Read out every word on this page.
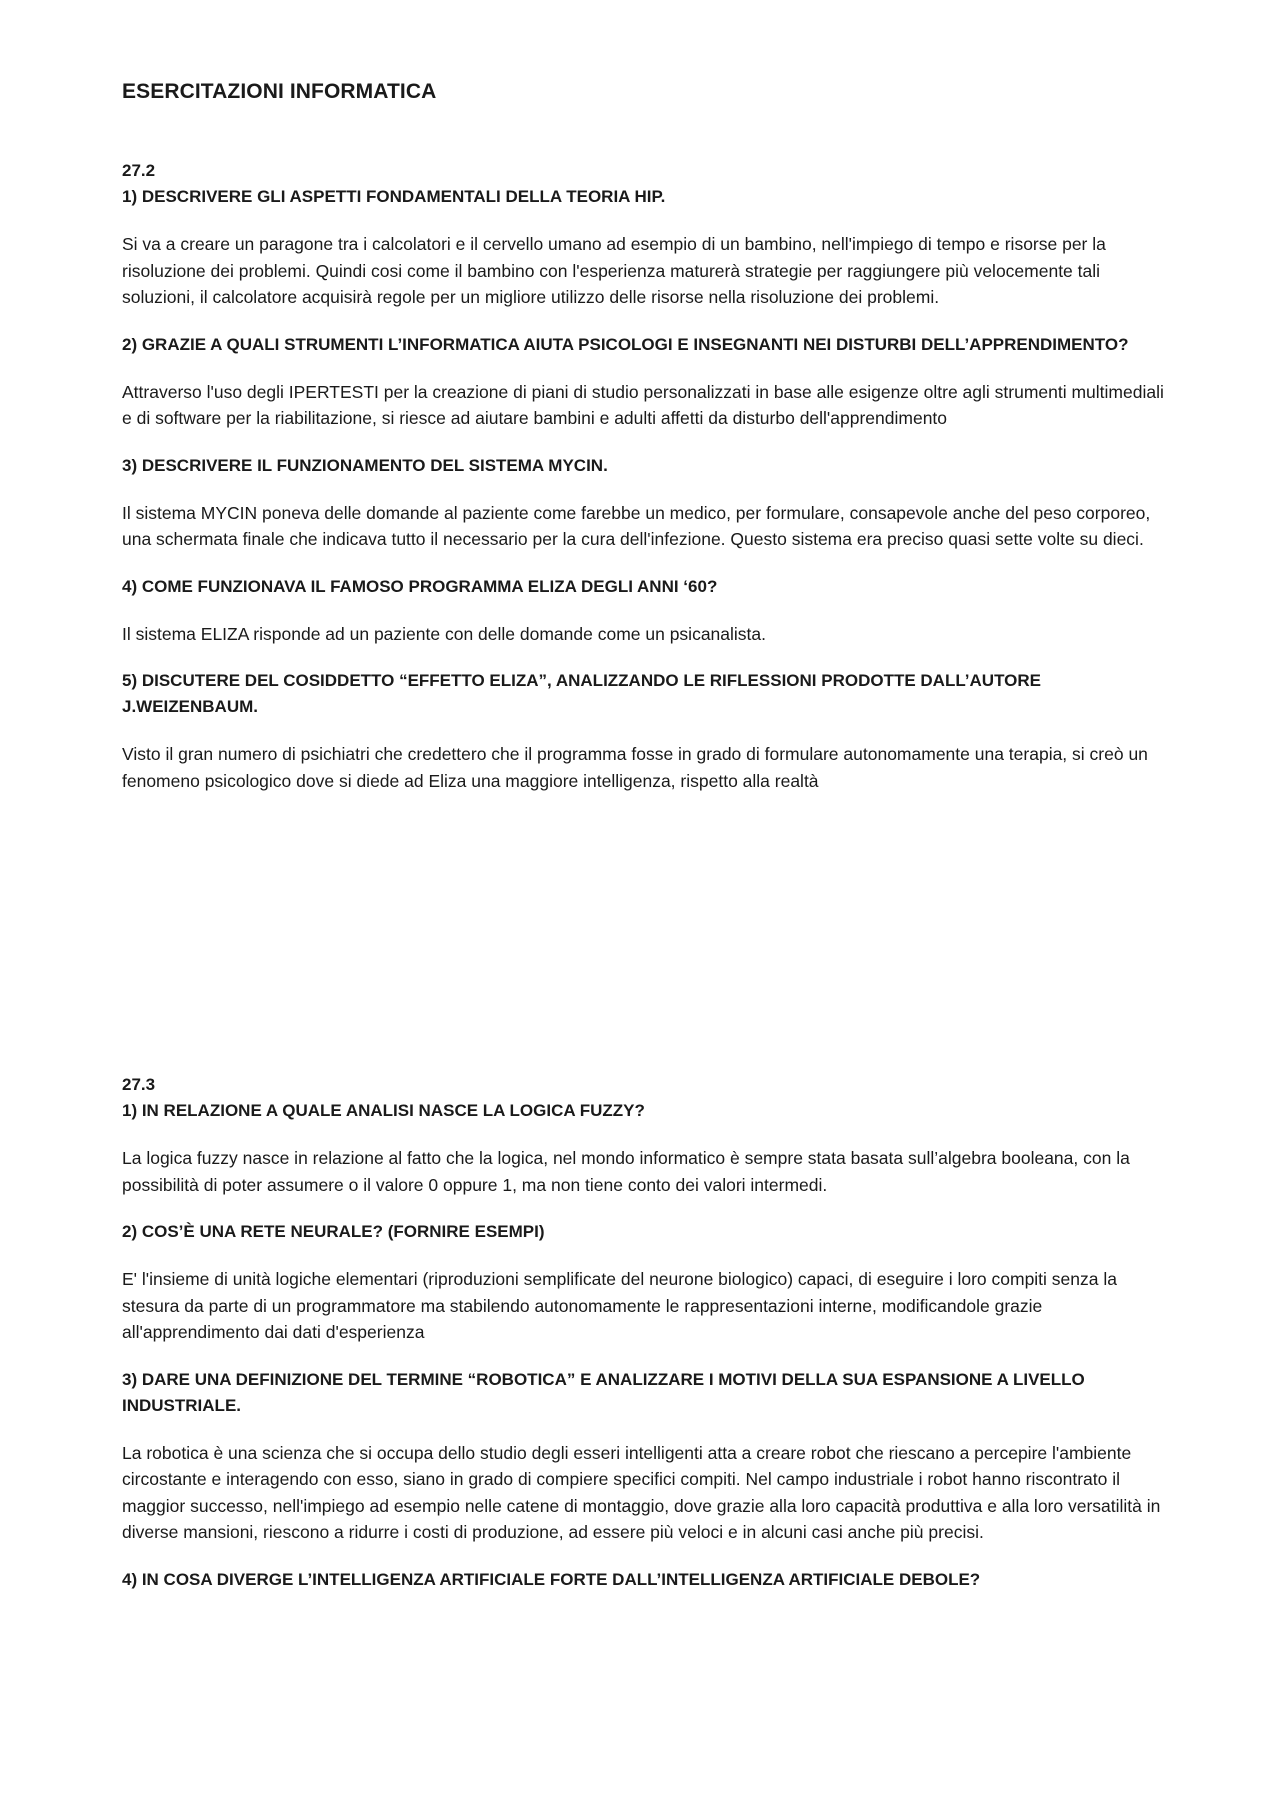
ESERCITAZIONI INFORMATICA

27.2

1) DESCRIVERE GLI ASPETTI FONDAMENTALI DELLA TEORIA HIP.

Si va a creare un paragone tra i calcolatori e il cervello umano ad esempio di un bambino, nell'impiego di tempo e risorse per la risoluzione dei problemi. Quindi cosi come il bambino con l'esperienza maturerà strategie per raggiungere più velocemente tali soluzioni, il calcolatore acquisirà regole per un migliore utilizzo delle risorse nella risoluzione dei problemi.

2) GRAZIE A QUALI STRUMENTI L’INFORMATICA AIUTA PSICOLOGI E INSEGNANTI NEI DISTURBI DELL’APPRENDIMENTO?

Attraverso l'uso degli IPERTESTI per la creazione di piani di studio personalizzati in base alle esigenze oltre agli strumenti multimediali e di software per la riabilitazione, si riesce ad aiutare bambini e adulti affetti da disturbo dell'apprendimento

3) DESCRIVERE IL FUNZIONAMENTO DEL SISTEMA MYCIN.

Il sistema MYCIN poneva delle domande al paziente come farebbe un medico, per formulare, consapevole anche del peso corporeo, una schermata finale che indicava tutto il necessario per la cura dell'infezione. Questo sistema era preciso quasi sette volte su dieci.

4) COME FUNZIONAVA IL FAMOSO PROGRAMMA ELIZA DEGLI ANNI ‘60?

Il sistema ELIZA risponde ad un paziente con delle domande come un psicanalista.

5) DISCUTERE DEL COSIDDETTO “EFFETTO ELIZA”, ANALIZZANDO LE RIFLESSIONI PRODOTTE DALL’AUTORE J.WEIZENBAUM.

Visto il gran numero di psichiatri che credettero che il programma fosse in grado di formulare autonomamente una terapia, si creò un fenomeno psicologico dove si diede ad Eliza una maggiore intelligenza, rispetto alla realtà

27.3

1) IN RELAZIONE A QUALE ANALISI NASCE LA LOGICA FUZZY?

La logica fuzzy nasce in relazione al fatto che la logica, nel mondo informatico è sempre stata basata sull’algebra booleana, con la possibilità di poter assumere o il valore 0 oppure 1, ma non tiene conto dei valori intermedi.

2) COS’È UNA RETE NEURALE? (FORNIRE ESEMPI)

E' l'insieme di unità logiche elementari (riproduzioni semplificate del neurone biologico) capaci, di eseguire i loro compiti senza la stesura da parte di un programmatore ma stabilendo autonomamente le rappresentazioni interne, modificandole grazie all'apprendimento dai dati d'esperienza

3) DARE UNA DEFINIZIONE DEL TERMINE “ROBOTICA” E ANALIZZARE I MOTIVI DELLA SUA ESPANSIONE A LIVELLO INDUSTRIALE.

La robotica è una scienza che si occupa dello studio degli esseri intelligenti atta a creare robot che riescano a percepire l'ambiente circostante e interagendo con esso, siano in grado di compiere specifici compiti. Nel campo industriale i robot hanno riscontrato il maggior successo, nell'impiego ad esempio nelle catene di montaggio, dove grazie alla loro capacità produttiva e alla loro versatilità in diverse mansioni, riescono a ridurre i costi di produzione, ad essere più veloci e in alcuni casi anche più precisi.

4) IN COSA DIVERGE L’INTELLIGENZA ARTIFICIALE FORTE DALL’INTELLIGENZA ARTIFICIALE DEBOLE?
